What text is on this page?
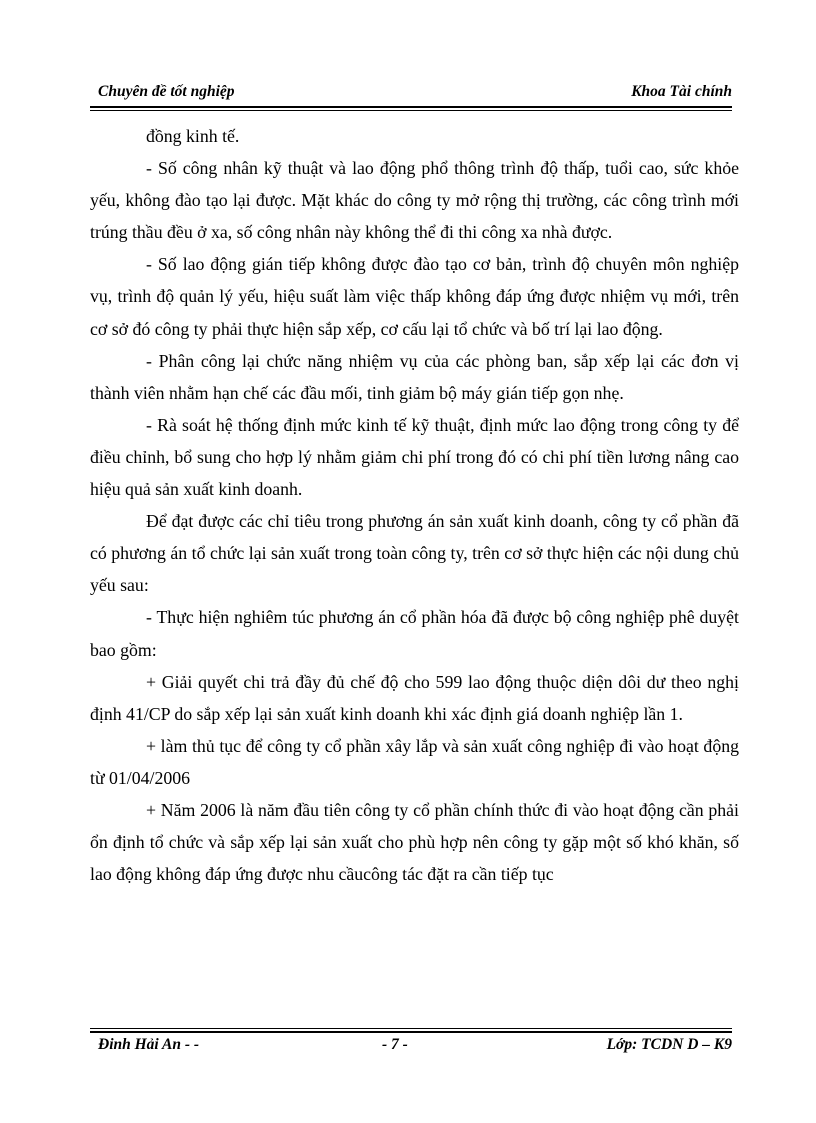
Chuyên đề tốt nghiệp	Khoa Tài chính

đồng kinh tế.

- Số công nhân kỹ thuật và lao động phổ thông trình độ thấp, tuổi cao, sức khỏe yếu, không đào tạo lại được. Mặt khác do công ty mở rộng thị trường, các công trình mới trúng thầu đều ở xa, số công nhân này không thể đi thi công xa nhà được.

- Số lao động gián tiếp không được đào tạo cơ bản, trình độ chuyên môn nghiệp vụ, trình độ quản lý yếu, hiệu suất làm việc thấp không đáp ứng được nhiệm vụ mới, trên cơ sở đó công ty phải thực hiện sắp xếp, cơ cấu lại tổ chức và bố trí lại lao động.

- Phân công lại chức năng nhiệm vụ của các phòng ban, sắp xếp lại các đơn vị thành viên nhằm hạn chế các đầu mối, tinh giảm bộ máy gián tiếp gọn nhẹ.

- Rà soát hệ thống định mức kinh tế kỹ thuật, định mức lao động trong công ty để điều chỉnh, bổ sung cho hợp lý nhằm giảm chi phí trong đó có chi phí tiền lương nâng cao hiệu quả sản xuất kinh doanh.

Để đạt được các chỉ tiêu trong phương án sản xuất kinh doanh, công ty cổ phần đã có phương án tổ chức lại sản xuất trong toàn công ty, trên cơ sở thực hiện các nội dung chủ yếu sau:

- Thực hiện nghiêm túc phương án cổ phần hóa đã được bộ công nghiệp phê duyệt bao gồm:

+ Giải quyết chi trả đầy đủ chế độ cho 599 lao động thuộc diện dôi dư theo nghị định 41/CP do sắp xếp lại sản xuất kinh doanh khi xác định giá doanh nghiệp lần 1.

+ làm thủ tục để công ty cổ phần xây lắp và sản xuất công nghiệp đi vào hoạt động từ 01/04/2006

+ Năm 2006 là năm đầu tiên công ty cổ phần chính thức đi vào hoạt động cần phải ổn định tổ chức và sắp xếp lại sản xuất cho phù hợp nên công ty gặp một số khó khăn, số lao động không đáp ứng được nhu cầucông tác đặt ra cần tiếp tục

Đinh Hải An - -	- 7 -	Lớp: TCDN D – K9
